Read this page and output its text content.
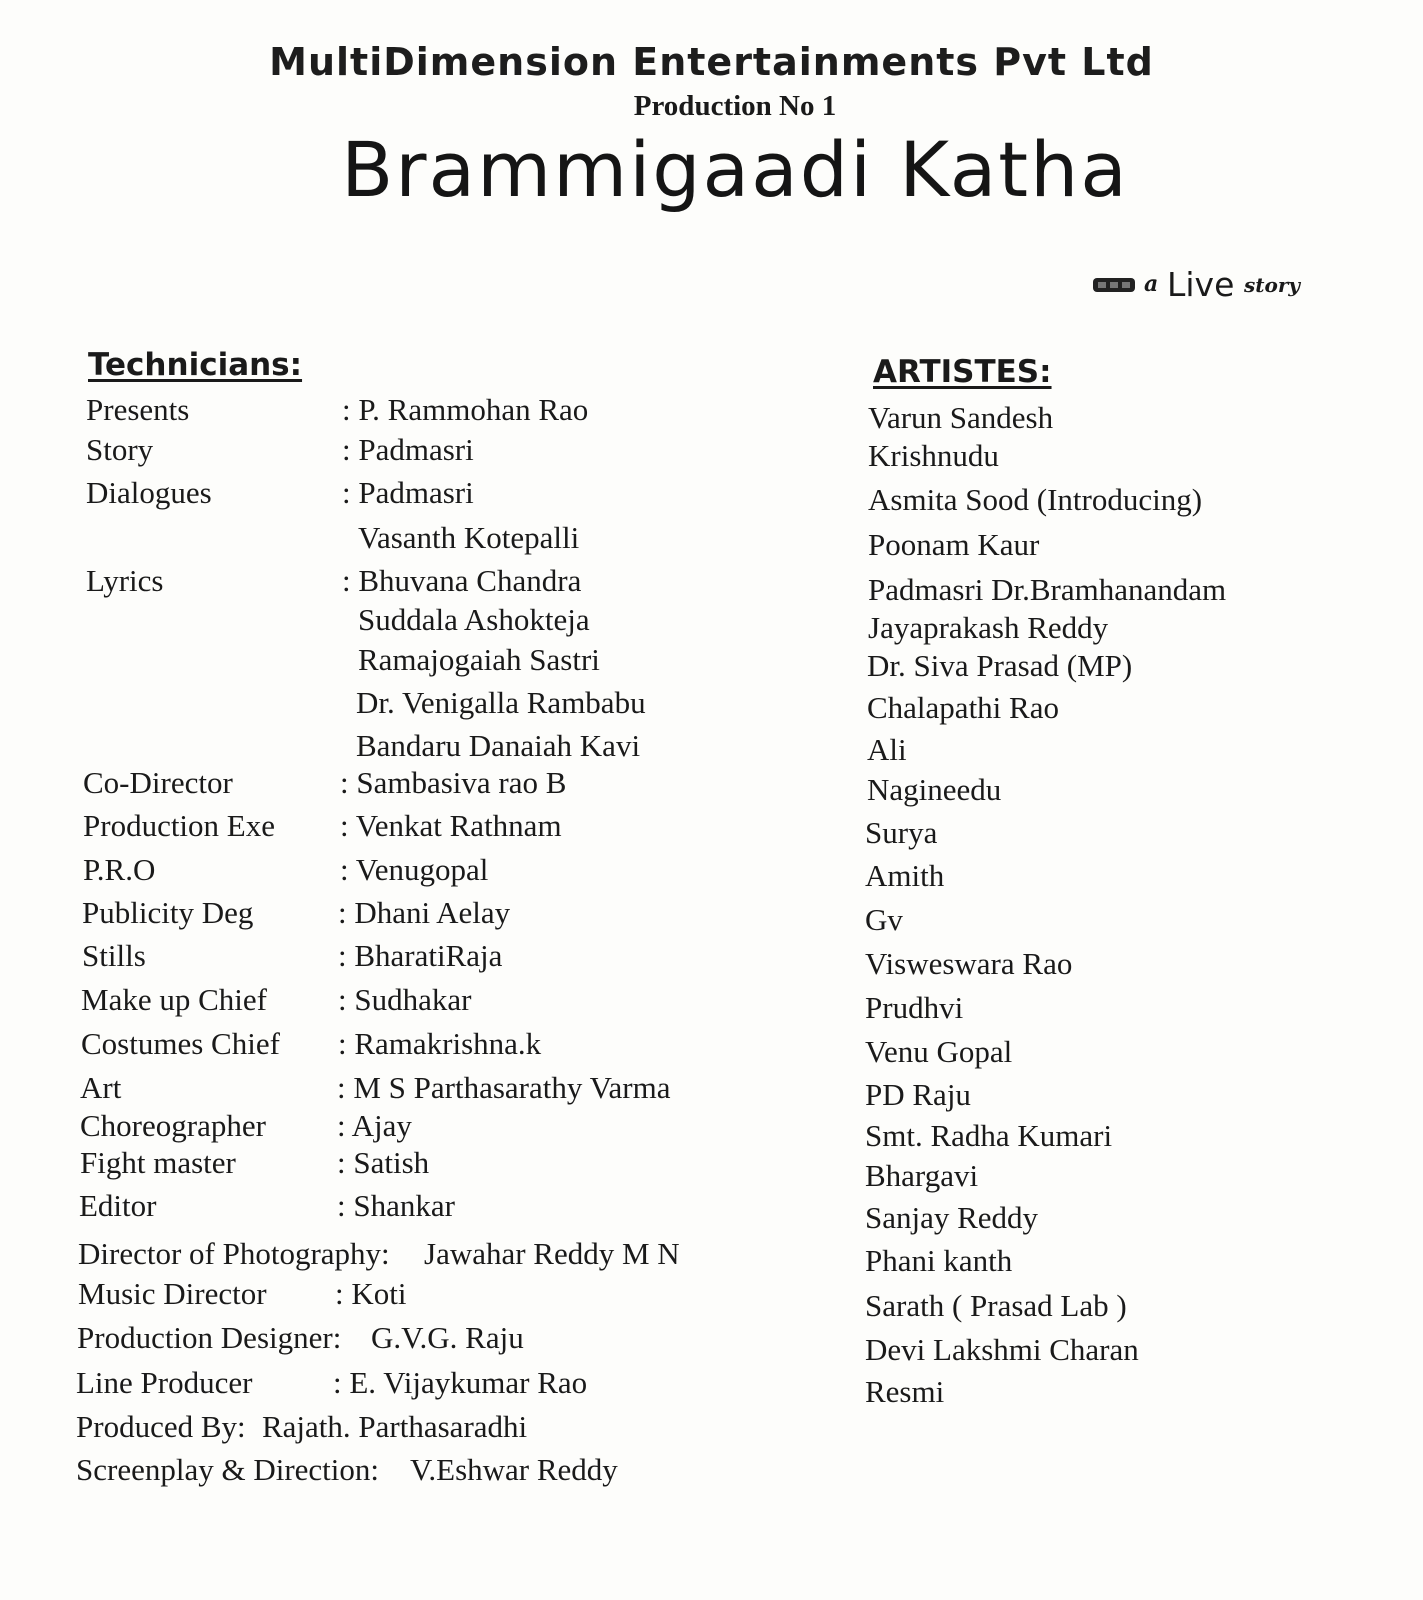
MultiDimension Entertainments Pvt Ltd
Production No 1
Brammigaadi Katha
a Live story
Technicians:	ARTISTES:
Presents	: P. Rammohan Rao
Story	: Padmasri
Dialogues	: Padmasri
Vasanth Kotepalli
Lyrics	: Bhuvana Chandra
Suddala Ashokteja
Ramajogaiah Sastri
Dr. Venigalla Rambabu
Bandaru Danaiah Kavi
Co-Director	: Sambasiva rao B
Production Exe : Venkat Rathnam
P.R.O	: Venugopal
Publicity Deg	: Dhani Aelay
Stills	: BharatiRaja
Make up Chief : Sudhakar
Costumes Chief : Ramakrishna.k
Art	: M S Parthasarathy Varma
Choreographer : Ajay
Fight master	: Satish
Editor	: Shankar
Director of Photography: Jawahar Reddy M N
Music Director : Koti
Production Designer: G.V.G. Raju
Line Producer	: E. Vijaykumar Rao
Produced By: Rajath. Parthasaradhi
Screenplay & Direction: V.Eshwar Reddy
Varun Sandesh
Krishnudu
Asmita Sood (Introducing)
Poonam Kaur
Padmasri Dr.Bramhanandam
Jayaprakash Reddy
Dr. Siva Prasad (MP)
Chalapathi Rao
Ali
Nagineedu
Surya
Amith
Gv
Visweswara Rao
Prudhvi
Venu Gopal
PD Raju
Smt. Radha Kumari
Bhargavi
Sanjay Reddy
Phani kanth
Sarath ( Prasad Lab )
Devi Lakshmi Charan
Resmi
